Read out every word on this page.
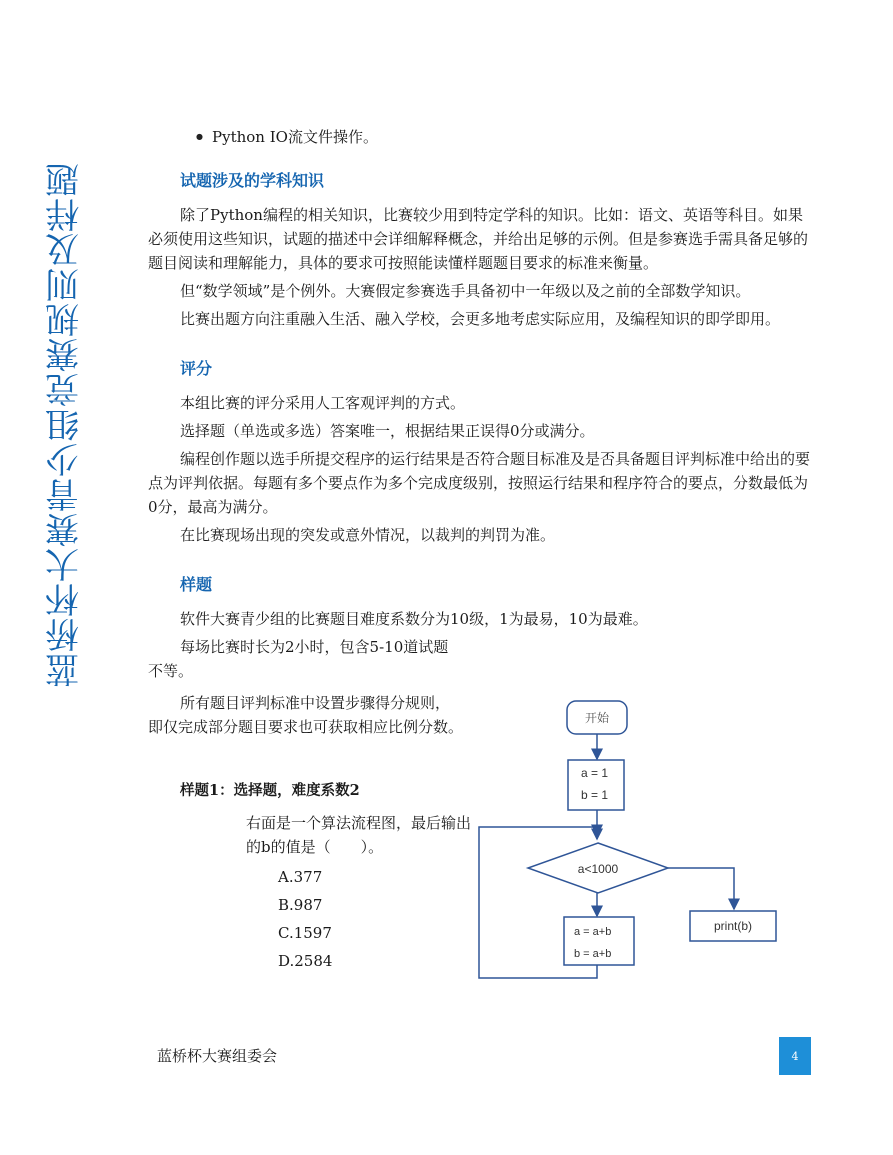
蓝桥杯大赛青少组竞赛规则及样题
● Python IO流文件操作。
试题涉及的学科知识

除了Python编程的相关知识，比赛较少用到特定学科的知识。比如：语文、英语等科目。如果必须使用这些知识，试题的描述中会详细解释概念，并给出足够的示例。但是参赛选手需具备足够的题目阅读和理解能力，具体的要求可按照能读懂样题题目要求的标准来衡量。

但“数学领域”是个例外。大赛假定参赛选手具备初中一年级以及之前的全部数学知识。

比赛出题方向注重融入生活、融入学校，会更多地考虑实际应用，及编程知识的即学即用。

评分

本组比赛的评分采用人工客观评判的方式。

选择题（单选或多选）答案唯一，根据结果正误得0分或满分。

编程创作题以选手所提交程序的运行结果是否符合题目标准及是否具备题目评判标准中给出的要点为评判依据。每题有多个要点作为多个完成度级别，按照运行结果和程序符合的要点，分数最低为0分，最高为满分。

在比赛现场出现的突发或意外情况，以裁判的判罚为准。

样题

软件大赛青少组的比赛题目难度系数分为10级，1为最易，10为最难。

每场比赛时长为2小时，包含5-10道试题不等。

所有题目评判标准中设置步骤得分规则，即仅完成部分题目要求也可获取相应比例分数。

样题1：选择题，难度系数2
右面是一个算法流程图，最后输出的b的值是（　　）。
A.377
B.987
C.1597
D.2584
开始
a = 1
b = 1
a<1000
a = a+b
b = a+b
print(b)
蓝桥杯大赛组委会	4
